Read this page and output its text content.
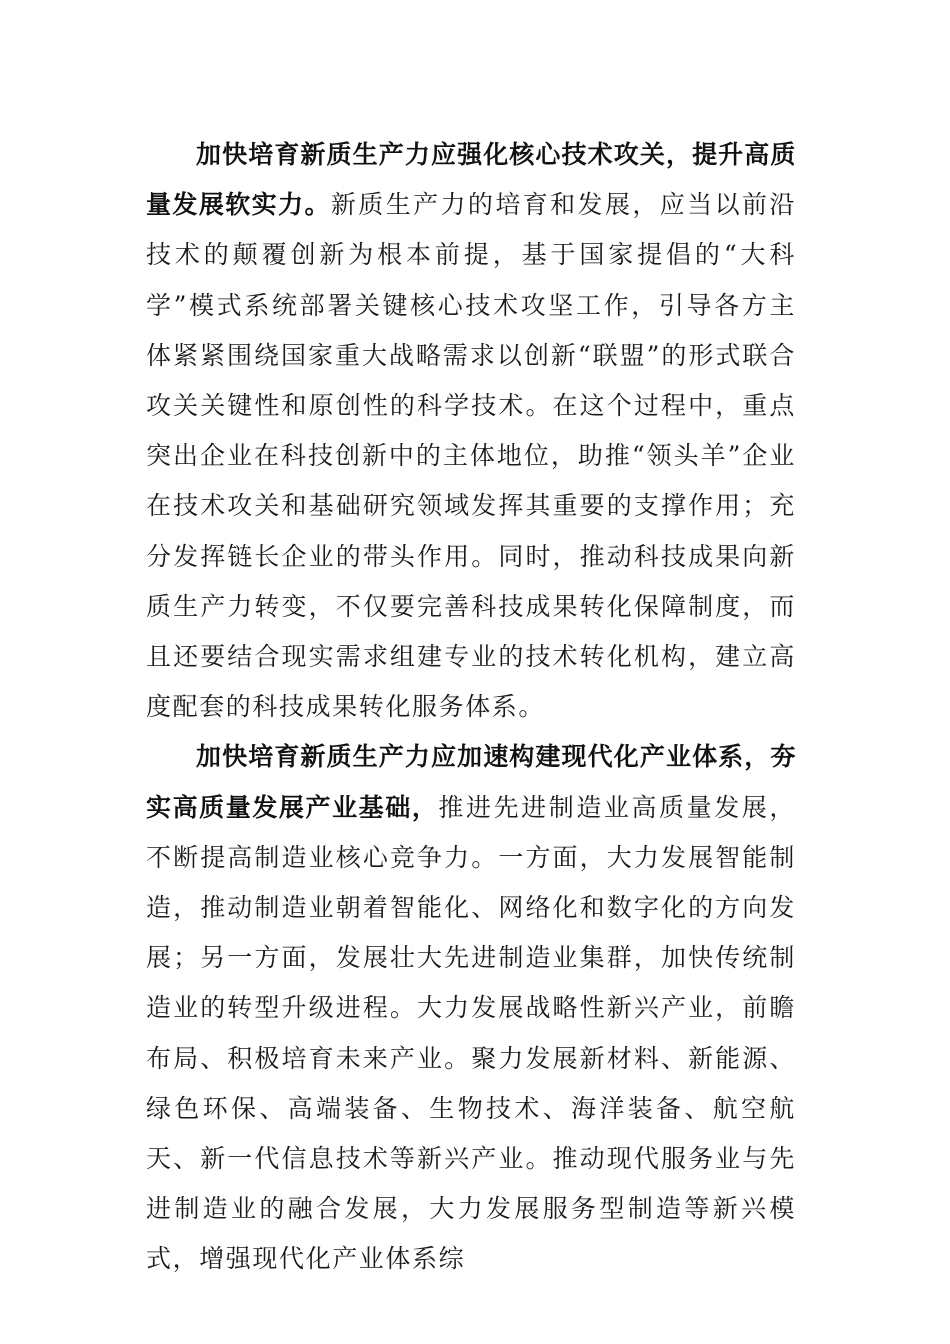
加快培育新质生产力应强化核心技术攻关，提升高质量发展软实力。新质生产力的培育和发展，应当以前沿技术的颠覆创新为根本前提，基于国家提倡的“大科学”模式系统部署关键核心技术攻坚工作，引导各方主体紧紧围绕国家重大战略需求以创新“联盟”的形式联合攻关关键性和原创性的科学技术。在这个过程中，重点突出企业在科技创新中的主体地位，助推“领头羊”企业在技术攻关和基础研究领域发挥其重要的支撑作用；充分发挥链长企业的带头作用。同时，推动科技成果向新质生产力转变，不仅要完善科技成果转化保障制度，而且还要结合现实需求组建专业的技术转化机构，建立高度配套的科技成果转化服务体系。

加快培育新质生产力应加速构建现代化产业体系，夯实高质量发展产业基础，推进先进制造业高质量发展，不断提高制造业核心竞争力。一方面，大力发展智能制造，推动制造业朝着智能化、网络化和数字化的方向发展；另一方面，发展壮大先进制造业集群，加快传统制造业的转型升级进程。大力发展战略性新兴产业，前瞻布局、积极培育未来产业。聚力发展新材料、新能源、绿色环保、高端装备、生物技术、海洋装备、航空航天、新一代信息技术等新兴产业。推动现代服务业与先进制造业的融合发展，大力发展服务型制造等新兴模式，增强现代化产业体系综
